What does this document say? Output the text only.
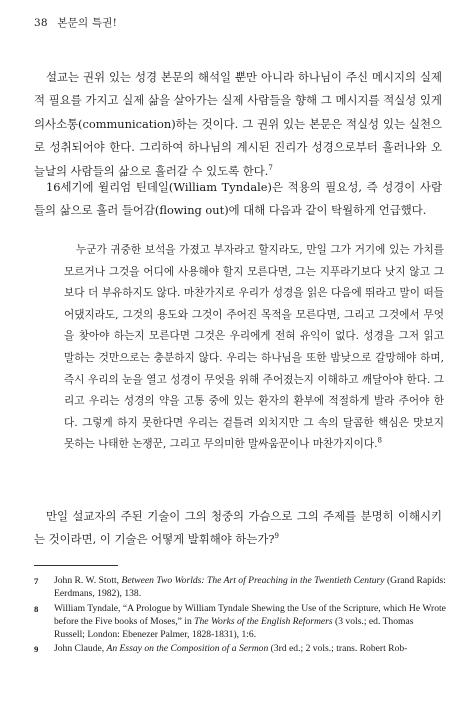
38 본문의 특권!

설교는 권위 있는 성경 본문의 해석일 뿐만 아니라 하나님이 주신 메시지의 실제적 필요를 가지고 실제 삶을 살아가는 실제 사람들을 향해 그 메시지를 적실성 있게 의사소통(communication)하는 것이다. 그 권위 있는 본문은 적실성 있는 실천으로 성취되어야 한다. 그리하여 하나님의 계시된 진리가 성경으로부터 흘러나와 오늘날의 사람들의 삶으로 흘러갈 수 있도록 한다.$^7$

16세기에 윌리엄 틴데일(William Tyndale)은 적용의 필요성, 즉 성경이 사람들의 삶으로 흘러 들어감(flowing out)에 대해 다음과 같이 탁월하게 언급했다.

누군가 귀중한 보석을 가졌고 부자라고 할지라도, 만일 그가 거기에 있는 가치를 모르거나 그것을 어디에 사용해야 할지 모른다면, 그는 지푸라기보다 낫지 않고 그보다 더 부유하지도 않다. 마찬가지로 우리가 성경을 읽은 다음에 뛰라고 말이 떠들어댔지라도, 그것의 용도와 그것이 주어진 목적을 모른다면, 그리고 그것에서 무엇을 찾아야 하는지 모른다면 그것은 우리에게 전혀 유익이 없다. 성경을 그저 읽고 말하는 것만으로는 충분하지 않다. 우리는 하나님을 또한 밤낮으로 갈망해야 하며, 즉시 우리의 눈을 열고 성경이 무엇을 위해 주어졌는지 이해하고 깨달아야 한다. 그리고 우리는 성경의 약을 고통 중에 있는 환자의 환부에 적절하게 발라 주어야 한다. 그렇게 하지 못한다면 우리는 겉틀려 외치지만 그 속의 달콤한 핵심은 맛보지 못하는 나태한 논쟁꾼, 그리고 무의미한 말싸움꾼이나 마찬가지이다.$^8$

만일 설교자의 주된 기술이 그의 청중의 가슴으로 그의 주제를 분명히 이해시키는 것이라면, 이 기술은 어떻게 발휘해야 하는가?$^9$

7	John R. W. Stott, Between Two Worlds: The Art of Preaching in the Twentieth Century (Grand Rapids: Eerdmans, 1982), 138.
8	William Tyndale, “A Prologue by William Tyndale Shewing the Use of the Scripture, which He Wrote before the Five books of Moses,” in The Works of the English Reformers (3 vols.; ed. Thomas Russell; London: Ebenezer Palmer, 1828-1831), 1:6.
9	John Claude, An Essay on the Composition of a Sermon (3rd ed.; 2 vols.; trans. Robert Rob-
